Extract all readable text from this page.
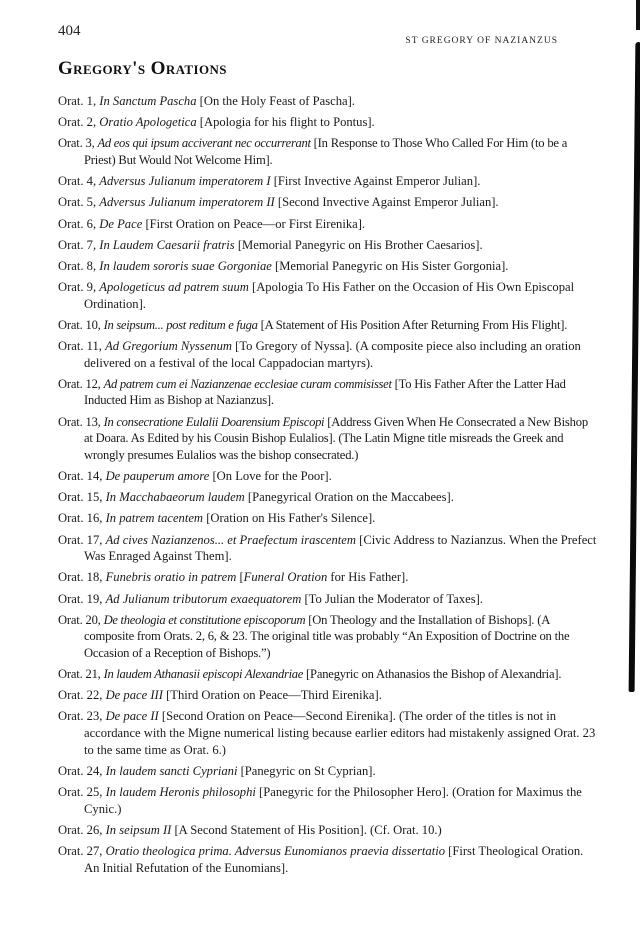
404
ST GREGORY OF NAZIANZUS
Gregory's Orations

Orat. 1, In Sanctum Pascha [On the Holy Feast of Pascha].

Orat. 2, Oratio Apologetica [Apologia for his flight to Pontus].

Orat. 3, Ad eos qui ipsum acciverant nec occurrerant [In Response to Those Who Called For Him (to be a Priest) But Would Not Welcome Him].

Orat. 4, Adversus Julianum imperatorem I [First Invective Against Emperor Julian].

Orat. 5, Adversus Julianum imperatorem II [Second Invective Against Emperor Julian].

Orat. 6, De Pace [First Oration on Peace—or First Eirenika].

Orat. 7, In Laudem Caesarii fratris [Memorial Panegyric on His Brother Caesarios].

Orat. 8, In laudem sororis suae Gorgoniae [Memorial Panegyric on His Sister Gorgonia].

Orat. 9, Apologeticus ad patrem suum [Apologia To His Father on the Occasion of His Own Episcopal Ordination].

Orat. 10, In seipsum... post reditum e fuga [A Statement of His Position After Returning From His Flight].

Orat. 11, Ad Gregorium Nyssenum [To Gregory of Nyssa]. (A composite piece also including an oration delivered on a festival of the local Cappadocian martyrs).

Orat. 12, Ad patrem cum ei Nazianzenae ecclesiae curam commisisset [To His Father After the Latter Had Inducted Him as Bishop at Nazianzus].

Orat. 13, In consecratione Eulalii Doarensium Episcopi [Address Given When He Consecrated a New Bishop at Doara. As Edited by his Cousin Bishop Eulalios]. (The Latin Migne title misreads the Greek and wrongly presumes Eulalios was the bishop consecrated.)

Orat. 14, De pauperum amore [On Love for the Poor].

Orat. 15, In Macchabaeorum laudem [Panegyrical Oration on the Maccabees].

Orat. 16, In patrem tacentem [Oration on His Father's Silence].

Orat. 17, Ad cives Nazianzenos... et Praefectum irascentem [Civic Address to Nazianzus. When the Prefect Was Enraged Against Them].

Orat. 18, Funebris oratio in patrem [Funeral Oration for His Father].

Orat. 19, Ad Julianum tributorum exaequatorem [To Julian the Moderator of Taxes].

Orat. 20, De theologia et constitutione episcoporum [On Theology and the Installation of Bishops]. (A composite from Orats. 2, 6, & 23. The original title was probably “An Exposition of Doctrine on the Occasion of a Reception of Bishops.”)

Orat. 21, In laudem Athanasii episcopi Alexandriae [Panegyric on Athanasios the Bishop of Alexandria].

Orat. 22, De pace III [Third Oration on Peace—Third Eirenika].

Orat. 23, De pace II [Second Oration on Peace—Second Eirenika]. (The order of the titles is not in accordance with the Migne numerical listing because earlier editors had mistakenly assigned Orat. 23 to the same time as Orat. 6.)

Orat. 24, In laudem sancti Cypriani [Panegyric on St Cyprian].

Orat. 25, In laudem Heronis philosophi [Panegyric for the Philosopher Hero]. (Oration for Maximus the Cynic.)

Orat. 26, In seipsum II [A Second Statement of His Position]. (Cf. Orat. 10.)

Orat. 27, Oratio theologica prima. Adversus Eunomianos praevia dissertatio [First Theological Oration. An Initial Refutation of the Eunomians].
